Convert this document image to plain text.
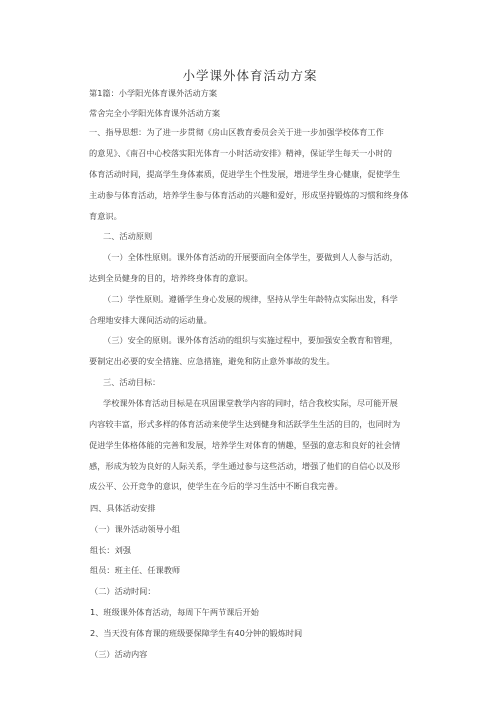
小学课外体育活动方案
第1篇：小学阳光体育课外活动方案
常舍完全小学阳光体育课外活动方案
一、指导思想：为了进一步贯彻《房山区教育委员会关于进一步加强学校体育工作
的意见》、《南召中心校落实阳光体育一小时活动安排》精神，保证学生每天一小时的
体育活动时间，提高学生身体素质，促进学生个性发展，增进学生身心健康，促使学生
主动参与体育活动，培养学生参与体育活动的兴趣和爱好，形成坚持锻炼的习惯和终身体
育意识。
二、活动原则
（一）全体性原则。课外体育活动的开展要面向全体学生，要做到人人参与活动，
达到全员健身的目的，培养终身体育的意识。
（二）学性原则。遵循学生身心发展的规律，坚持从学生年龄特点实际出发，科学
合理地安排大课间活动的运动量。
（三）安全的原则。课外体育活动的组织与实施过程中，要加强安全教育和管理，
要制定出必要的安全措施、应急措施，避免和防止意外事故的发生。
三、活动目标：
学校课外体育活动目标是在巩固课堂教学内容的同时，结合我校实际，尽可能开展
内容较丰富，形式多样的体育活动来使学生达到健身和活跃学生生活的目的，也同时为
促进学生体格体能的完善和发展，培养学生对体育的情趣，坚强的意志和良好的社会情
感，形成为较为良好的人际关系，学生通过参与这些活动，增强了他们的自信心以及形
成公平、公开竞争的意识，使学生在今后的学习生活中不断自我完善。
四、具体活动安排
（一）课外活动领导小组
组长：刘强
组员：班主任、任课教师
（二）活动时间：
1、班级课外体育活动，每周下午两节课后开始
2、当天没有体育课的班级要保障学生有40分钟的锻炼时间
（三）活动内容
